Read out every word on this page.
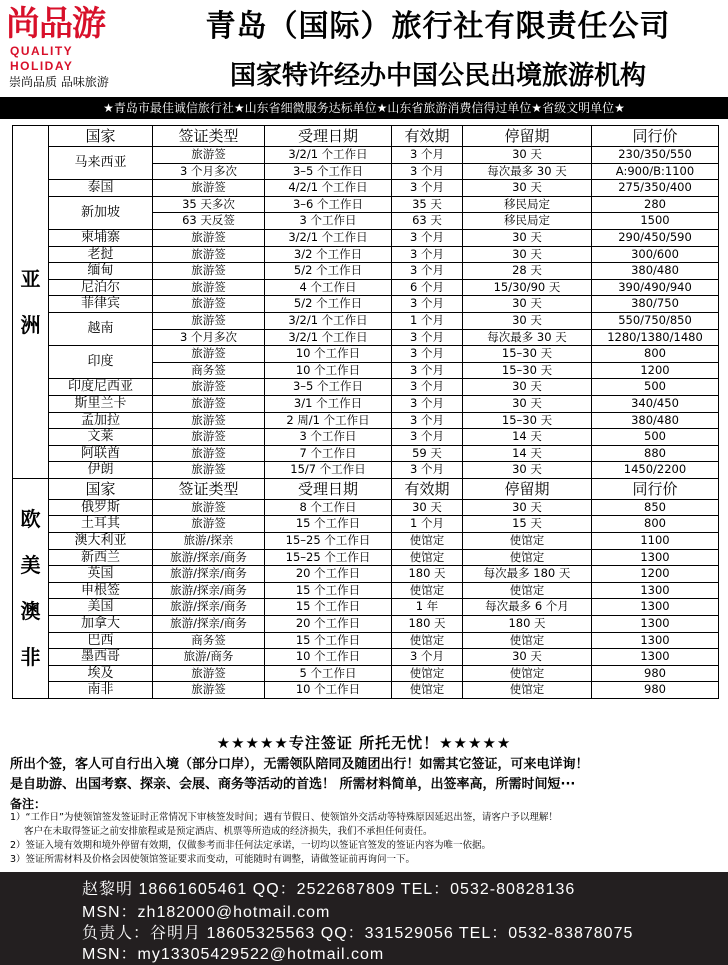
尚品游
QUALITY HOLIDAY
崇尚品质 品味旅游
青岛（国际）旅行社有限责任公司
国家特许经办中国公民出境旅游机构
★青岛市最佳诚信旅行社★山东省细微服务达标单位★山东省旅游消费信得过单位★省级文明单位★
亚
洲	国家	签证类型	受理日期	有效期	停留期	同行价
	马来西亚	旅游签	3/2/1 个工作日	3 个月	30 天	230/350/550
		3 个月多次	3–5 个工作日	3 个月	每次最多 30 天	A:900/B:1100
	泰国	旅游签	4/2/1 个工作日	3 个月	30 天	275/350/400
	新加坡	35 天多次	3–6 个工作日	35 天	移民局定	280
		63 天反签	3 个工作日	63 天	移民局定	1500
	柬埔寨	旅游签	3/2/1 个工作日	3 个月	30 天	290/450/590
	老挝	旅游签	3/2 个工作日	3 个月	30 天	300/600
	缅甸	旅游签	5/2 个工作日	3 个月	28 天	380/480
	尼泊尔	旅游签	4 个工作日	6 个月	15/30/90 天	390/490/940
	菲律宾	旅游签	5/2 个工作日	3 个月	30 天	380/750
	越南	旅游签	3/2/1 个工作日	1 个月	30 天	550/750/850
		3 个月多次	3/2/1 个工作日	3 个月	每次最多 30 天	1280/1380/1480
	印度	旅游签	10 个工作日	3 个月	15–30 天	800
		商务签	10 个工作日	3 个月	15–30 天	1200
	印度尼西亚	旅游签	3–5 个工作日	3 个月	30 天	500
	斯里兰卡	旅游签	3/1 个工作日	3 个月	30 天	340/450
	孟加拉	旅游签	2 周/1 个工作日	3 个月	15–30 天	380/480
	文莱	旅游签	3 个工作日	3 个月	14 天	500
	阿联酋	旅游签	7 个工作日	59 天	14 天	880
	伊朗	旅游签	15/7 个工作日	3 个月	30 天	1450/2200

欧
美
澳
非	国家	签证类型	受理日期	有效期	停留期	同行价
	俄罗斯	旅游签	8 个工作日	30 天	30 天	850
	土耳其	旅游签	15 个工作日	1 个月	15 天	800
	澳大利亚	旅游/探亲	15–25 个工作日	使馆定	使馆定	1100
	新西兰	旅游/探亲/商务	15–25 个工作日	使馆定	使馆定	1300
	英国	旅游/探亲/商务	20 个工作日	180 天	每次最多 180 天	1200
	申根签	旅游/探亲/商务	15 个工作日	使馆定	使馆定	1300
	美国	旅游/探亲/商务	15 个工作日	1 年	每次最多 6 个月	1300
	加拿大	旅游/探亲/商务	20 个工作日	180 天	180 天	1300
	巴西	商务签	15 个工作日	使馆定	使馆定	1300
	墨西哥	旅游/商务	10 个工作日	3 个月	30 天	1300
	埃及	旅游签	5 个工作日	使馆定	使馆定	980
	南非	旅游签	10 个工作日	使馆定	使馆定	980
★★★★★专注签证 所托无忧！★★★★★
所出个签，客人可自行出入境（部分口岸），无需领队陪同及随团出行！如需其它签证，可来电详询！
是自助游、出国考察、探亲、会展、商务等活动的首选！ 所需材料简单，出签率高，所需时间短···
备注：
1）“工作日”为使领馆签发签证时正常情况下审核签发时间；遇有节假日、使领馆外交活动等特殊原因延迟出签，请客户予以理解！
客户在未取得签证之前安排旅程或是预定酒店、机票等所造成的经济损失，我们不承担任何责任。
2）签证入境有效期和境外停留有效期，仅做参考而非任何法定承诺，一切均以签证官签发的签证内容为唯一依据。
3）签证所需材料及价格会因使领馆签证要求而变动，可能随时有调整，请做签证前再询问一下。
赵黎明 18661605461 QQ：2522687809 TEL：0532-80828136
MSN：zh182000@hotmail.com
负责人：谷明月 18605325563 QQ：331529056 TEL：0532-83878075
MSN：my13305429522@hotmail.com
